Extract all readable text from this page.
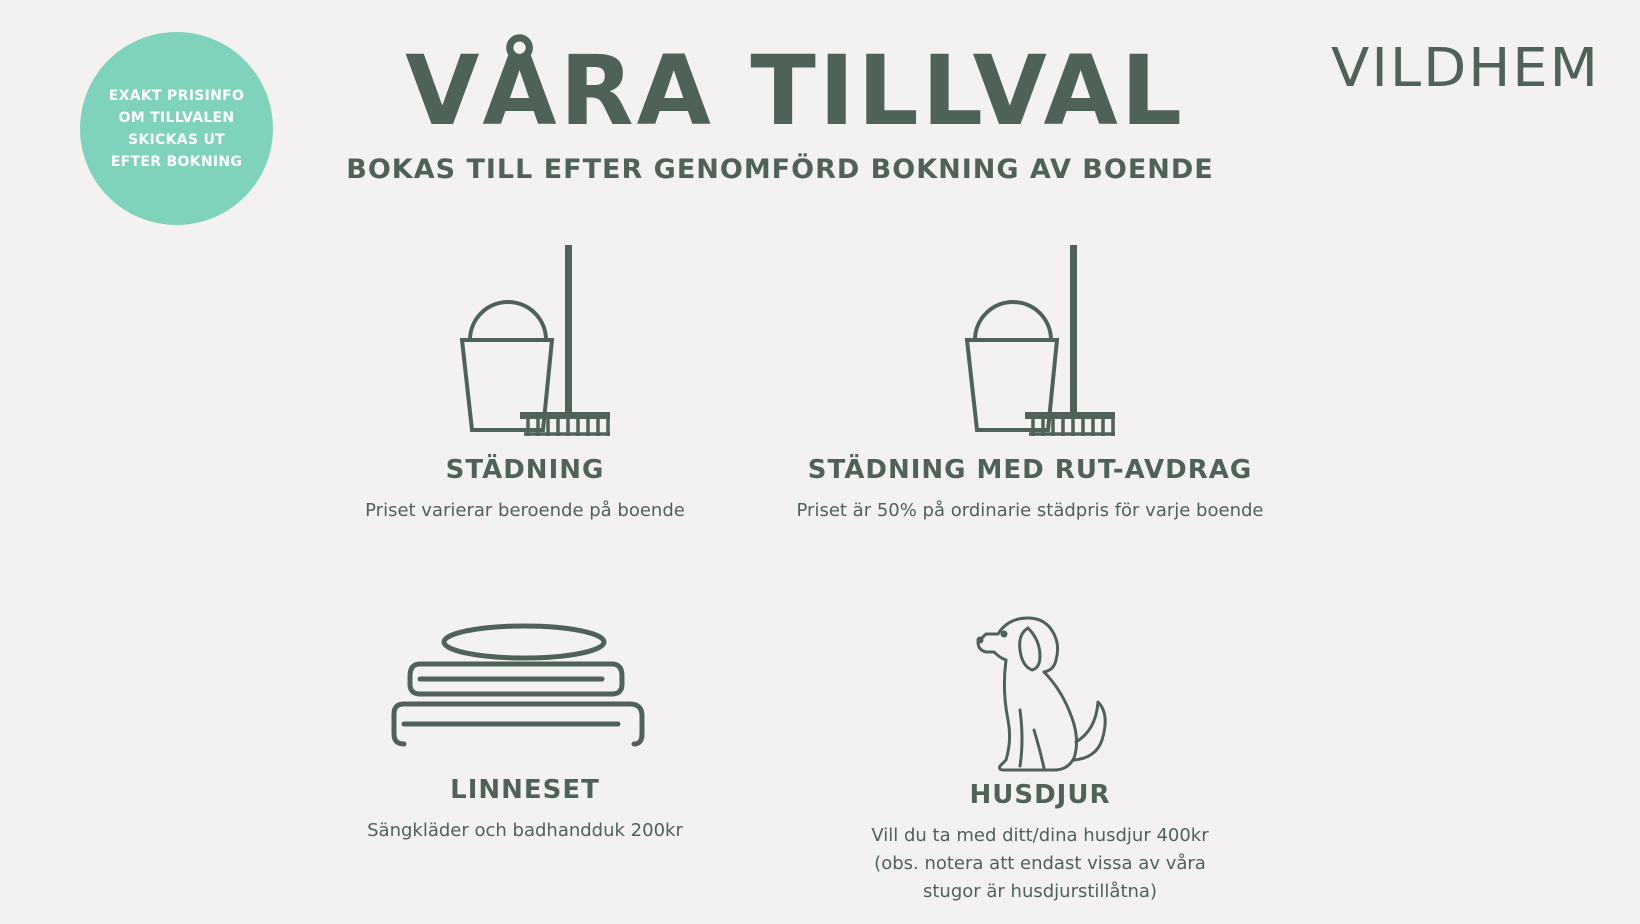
EXAKT PRISINFO
OM TILLVALEN
SKICKAS UT
EFTER BOKNING
VÅRA TILLVAL
BOKAS TILL EFTER GENOMFÖRD BOKNING AV BOENDE
VILDHEM
STÄDNING
Priset varierar beroende på boende
STÄDNING MED RUT-AVDRAG
Priset är 50% på ordinarie städpris för varje boende
LINNESET
Sängkläder och badhandduk 200kr
HUSDJUR
Vill du ta med ditt/dina husdjur 400kr
(obs. notera att endast vissa av våra
stugor är husdjurstillåtna)
